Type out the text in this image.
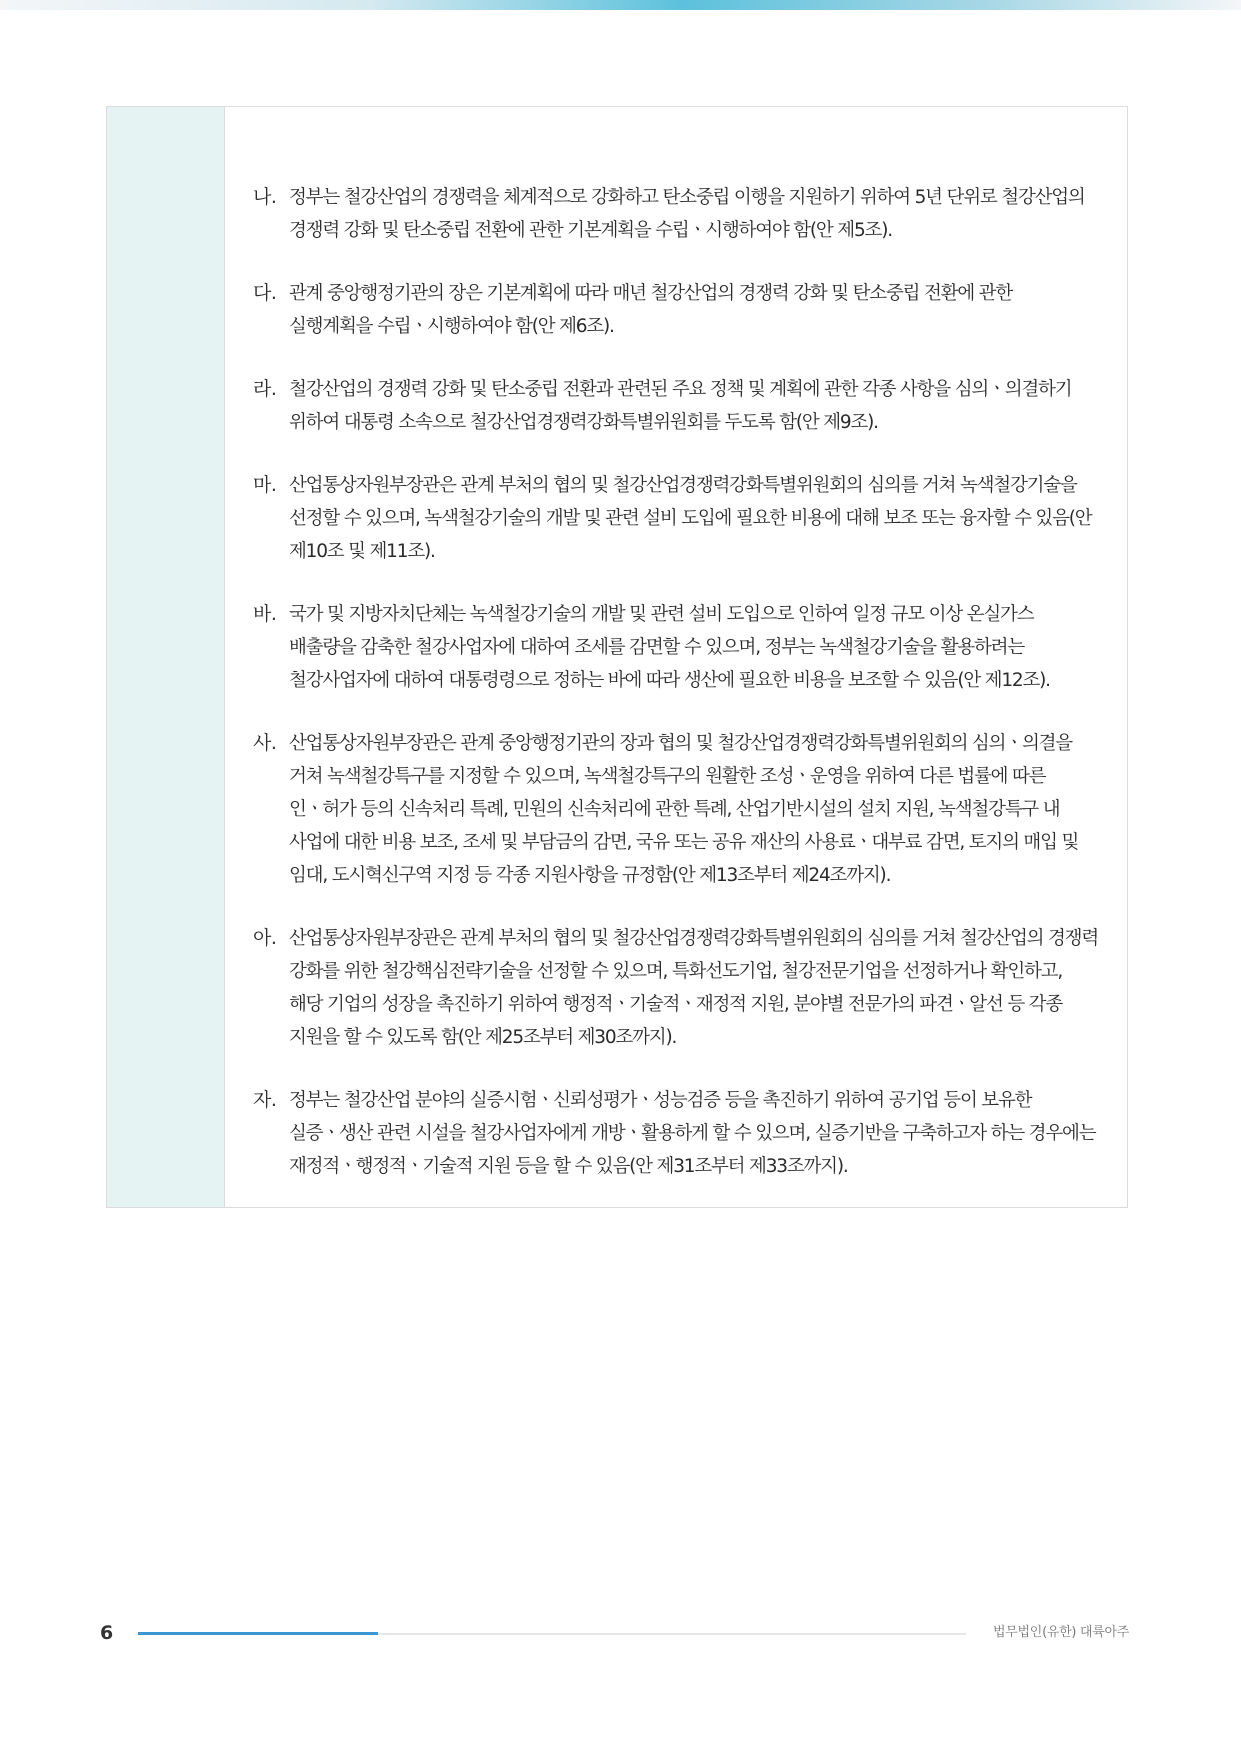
나. 정부는 철강산업의 경쟁력을 체계적으로 강화하고 탄소중립 이행을 지원하기 위하여 5년 단위로 철강산업의 경쟁력 강화 및 탄소중립 전환에 관한 기본계획을 수립ㆍ시행하여야 함(안 제5조).
다. 관계 중앙행정기관의 장은 기본계획에 따라 매년 철강산업의 경쟁력 강화 및 탄소중립 전환에 관한 실행계획을 수립ㆍ시행하여야 함(안 제6조).
라. 철강산업의 경쟁력 강화 및 탄소중립 전환과 관련된 주요 정책 및 계획에 관한 각종 사항을 심의ㆍ의결하기 위하여 대통령 소속으로 철강산업경쟁력강화특별위원회를 두도록 함(안 제9조).
마. 산업통상자원부장관은 관계 부처의 협의 및 철강산업경쟁력강화특별위원회의 심의를 거쳐 녹색철강기술을 선정할 수 있으며, 녹색철강기술의 개발 및 관련 설비 도입에 필요한 비용에 대해 보조 또는 융자할 수 있음(안 제10조 및 제11조).
바. 국가 및 지방자치단체는 녹색철강기술의 개발 및 관련 설비 도입으로 인하여 일정 규모 이상 온실가스 배출량을 감축한 철강사업자에 대하여 조세를 감면할 수 있으며, 정부는 녹색철강기술을 활용하려는 철강사업자에 대하여 대통령령으로 정하는 바에 따라 생산에 필요한 비용을 보조할 수 있음(안 제12조).
사. 산업통상자원부장관은 관계 중앙행정기관의 장과 협의 및 철강산업경쟁력강화특별위원회의 심의ㆍ의결을 거쳐 녹색철강특구를 지정할 수 있으며, 녹색철강특구의 원활한 조성ㆍ운영을 위하여 다른 법률에 따른 인ㆍ허가 등의 신속처리 특례, 민원의 신속처리에 관한 특례, 산업기반시설의 설치 지원, 녹색철강특구 내 사업에 대한 비용 보조, 조세 및 부담금의 감면, 국유 또는 공유 재산의 사용료ㆍ대부료 감면, 토지의 매입 및 임대, 도시혁신구역 지정 등 각종 지원사항을 규정함(안 제13조부터 제24조까지).
아. 산업통상자원부장관은 관계 부처의 협의 및 철강산업경쟁력강화특별위원회의 심의를 거쳐 철강산업의 경쟁력 강화를 위한 철강핵심전략기술을 선정할 수 있으며, 특화선도기업, 철강전문기업을 선정하거나 확인하고, 해당 기업의 성장을 촉진하기 위하여 행정적ㆍ기술적ㆍ재정적 지원, 분야별 전문가의 파견ㆍ알선 등 각종 지원을 할 수 있도록 함(안 제25조부터 제30조까지).
자. 정부는 철강산업 분야의 실증시험ㆍ신뢰성평가ㆍ성능검증 등을 촉진하기 위하여 공기업 등이 보유한 실증ㆍ생산 관련 시설을 철강사업자에게 개방ㆍ활용하게 할 수 있으며, 실증기반을 구축하고자 하는 경우에는 재정적ㆍ행정적ㆍ기술적 지원 등을 할 수 있음(안 제31조부터 제33조까지).
6	법무법인(유한) 대륙아주
